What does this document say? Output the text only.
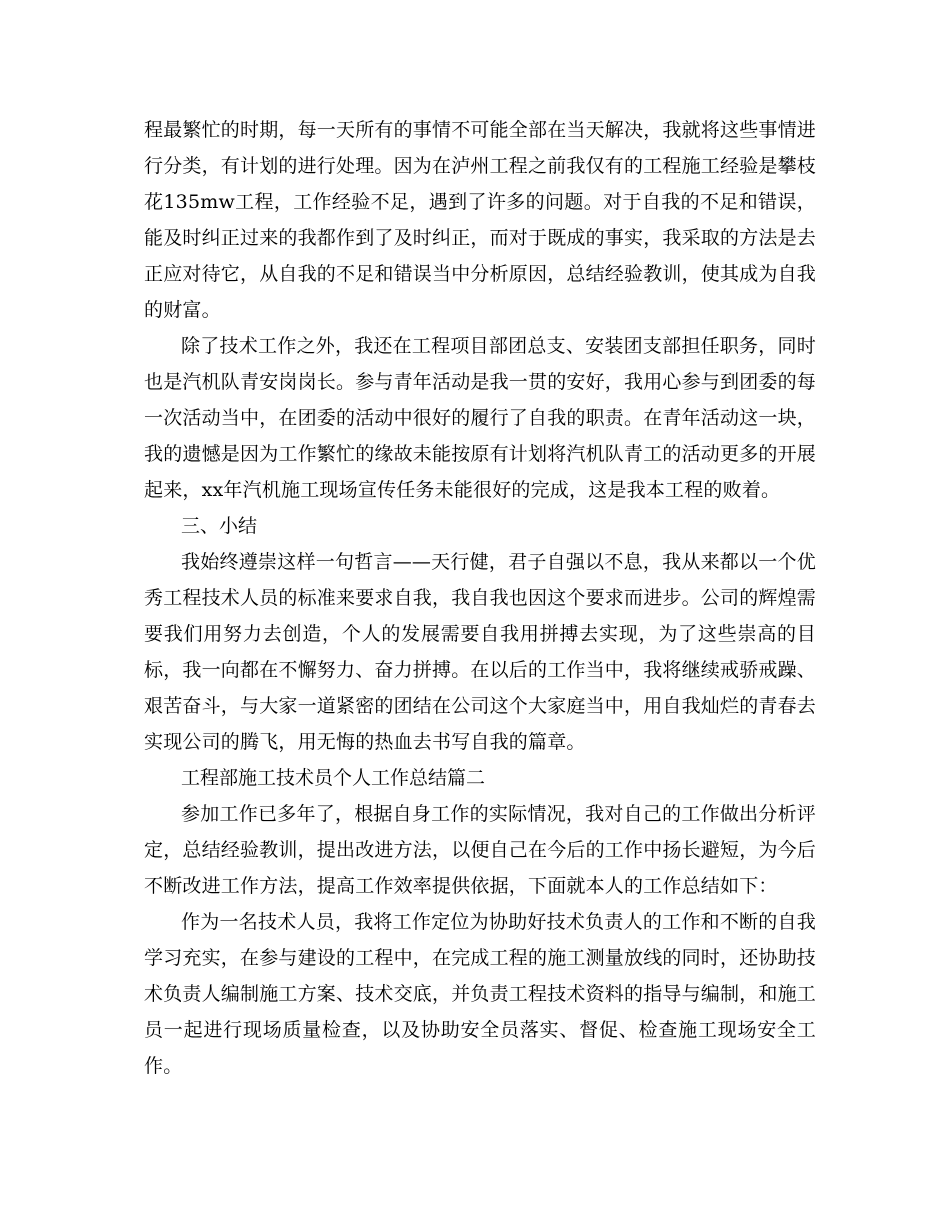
程最繁忙的时期，每一天所有的事情不可能全部在当天解决，我就将这些事情进行分类，有计划的进行处理。因为在泸州工程之前我仅有的工程施工经验是攀枝花135mw工程，工作经验不足，遇到了许多的问题。对于自我的不足和错误，能及时纠正过来的我都作到了及时纠正，而对于既成的事实，我采取的方法是去正应对待它，从自我的不足和错误当中分析原因，总结经验教训，使其成为自我的财富。

除了技术工作之外，我还在工程项目部团总支、安装团支部担任职务，同时也是汽机队青安岗岗长。参与青年活动是我一贯的安好，我用心参与到团委的每一次活动当中，在团委的活动中很好的履行了自我的职责。在青年活动这一块，我的遗憾是因为工作繁忙的缘故未能按原有计划将汽机队青工的活动更多的开展起来，xx年汽机施工现场宣传任务未能很好的完成，这是我本工程的败着。

三、小结

我始终遵崇这样一句哲言——天行健，君子自强以不息，我从来都以一个优秀工程技术人员的标准来要求自我，我自我也因这个要求而进步。公司的辉煌需要我们用努力去创造，个人的发展需要自我用拼搏去实现，为了这些崇高的目标，我一向都在不懈努力、奋力拼搏。在以后的工作当中，我将继续戒骄戒躁、艰苦奋斗，与大家一道紧密的团结在公司这个大家庭当中，用自我灿烂的青春去实现公司的腾飞，用无悔的热血去书写自我的篇章。

工程部施工技术员个人工作总结篇二

参加工作已多年了，根据自身工作的实际情况，我对自己的工作做出分析评定，总结经验教训，提出改进方法，以便自己在今后的工作中扬长避短，为今后不断改进工作方法，提高工作效率提供依据，下面就本人的工作总结如下：

作为一名技术人员，我将工作定位为协助好技术负责人的工作和不断的自我学习充实，在参与建设的工程中，在完成工程的施工测量放线的同时，还协助技术负责人编制施工方案、技术交底，并负责工程技术资料的指导与编制，和施工员一起进行现场质量检查，以及协助安全员落实、督促、检查施工现场安全工作。
